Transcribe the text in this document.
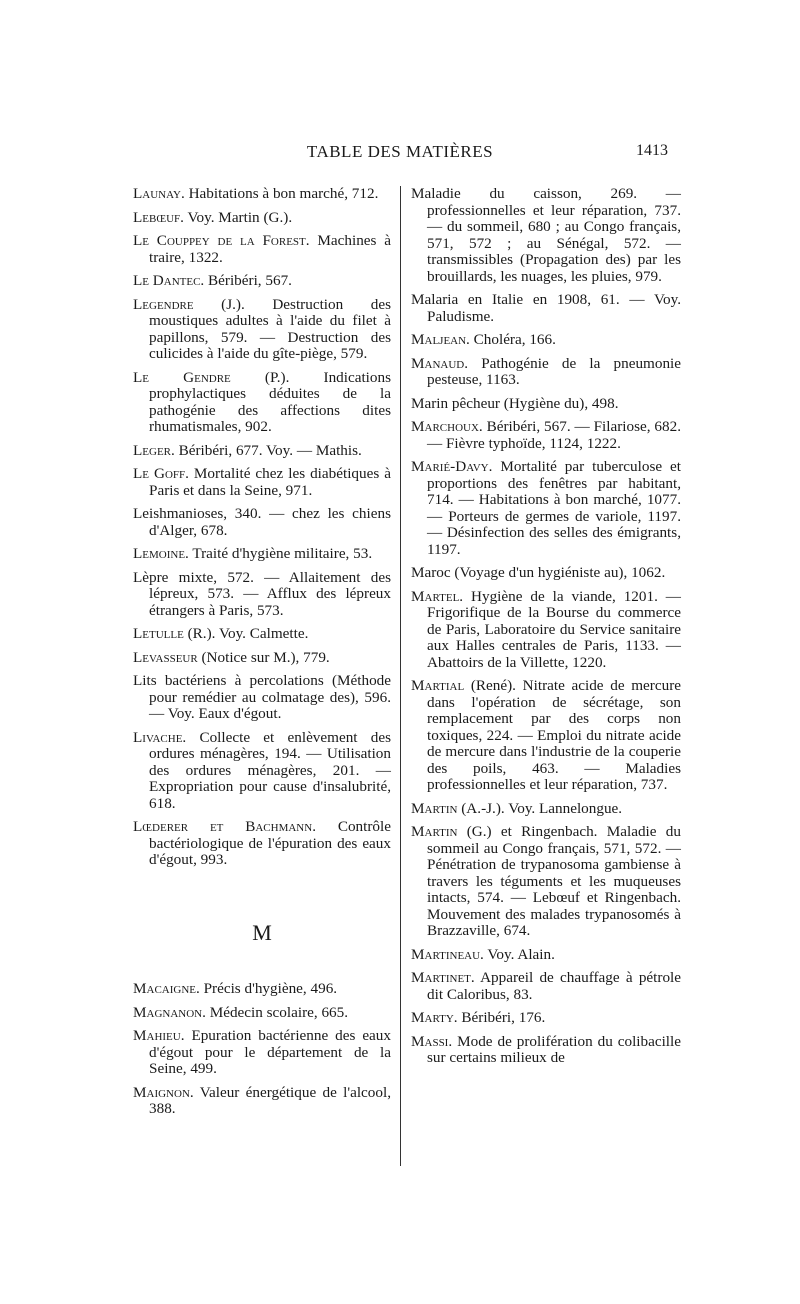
TABLE DES MATIÈRES	1413

Launay. Habitations à bon marché, 712.

Lebœuf. Voy. Martin (G.).

Le Couppey de la Forest. Machines à traire, 1322.

Le Dantec. Béribéri, 567.

Legendre (J.). Destruction des moustiques adultes à l'aide du filet à papillons, 579. — Destruction des culicides à l'aide du gîte-piège, 579.

Le Gendre (P.). Indications prophylactiques déduites de la pathogénie des affections dites rhumatismales, 902.

Leger. Béribéri, 677. Voy. — Mathis.

Le Goff. Mortalité chez les diabétiques à Paris et dans la Seine, 971.

Leishmanioses, 340. — chez les chiens d'Alger, 678.

Lemoine. Traité d'hygiène militaire, 53.

Lèpre mixte, 572. — Allaitement des lépreux, 573. — Afflux des lépreux étrangers à Paris, 573.

Letulle (R.). Voy. Calmette.

Levasseur (Notice sur M.), 779.

Lits bactériens à percolations (Méthode pour remédier au colmatage des), 596. — Voy. Eaux d'égout.

Livache. Collecte et enlèvement des ordures ménagères, 194. — Utilisation des ordures ménagères, 201. — Expropriation pour cause d'insalubrité, 618.

Lœderer et Bachmann. Contrôle bactériologique de l'épuration des eaux d'égout, 993.

M

Macaigne. Précis d'hygiène, 496.

Magnanon. Médecin scolaire, 665.

Mahieu. Epuration bactérienne des eaux d'égout pour le département de la Seine, 499.

Maignon. Valeur énergétique de l'alcool, 388.

Maladie du caisson, 269. — professionnelles et leur réparation, 737. — du sommeil, 680 ; au Congo français, 571, 572 ; au Sénégal, 572. — transmissibles (Propagation des) par les brouillards, les nuages, les pluies, 979.

Malaria en Italie en 1908, 61. — Voy. Paludisme.

Maljean. Choléra, 166.

Manaud. Pathogénie de la pneumonie pesteuse, 1163.

Marin pêcheur (Hygiène du), 498.

Marchoux. Béribéri, 567. — Filariose, 682. — Fièvre typhoïde, 1124, 1222.

Marié-Davy. Mortalité par tuberculose et proportions des fenêtres par habitant, 714. — Habitations à bon marché, 1077. — Porteurs de germes de variole, 1197. — Désinfection des selles des émigrants, 1197.

Maroc (Voyage d'un hygiéniste au), 1062.

Martel. Hygiène de la viande, 1201. — Frigorifique de la Bourse du commerce de Paris, Laboratoire du Service sanitaire aux Halles centrales de Paris, 1133. — Abattoirs de la Villette, 1220.

Martial (René). Nitrate acide de mercure dans l'opération de sécrétage, son remplacement par des corps non toxiques, 224. — Emploi du nitrate acide de mercure dans l'industrie de la couperie des poils, 463. — Maladies professionnelles et leur réparation, 737.

Martin (A.-J.). Voy. Lannelongue.

Martin (G.) et Ringenbach. Maladie du sommeil au Congo français, 571, 572. — Pénétration de trypanosoma gambiense à travers les téguments et les muqueuses intacts, 574. — Lebœuf et Ringenbach. Mouvement des malades trypanosomés à Brazzaville, 674.

Martineau. Voy. Alain.

Martinet. Appareil de chauffage à pétrole dit Caloribus, 83.

Marty. Béribéri, 176.

Massi. Mode de prolifération du colibacille sur certains milieux de
